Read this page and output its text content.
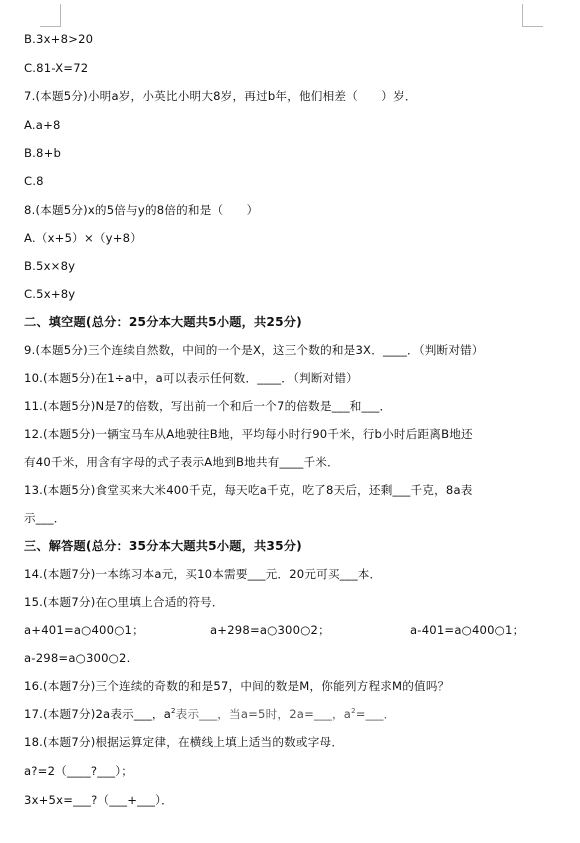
B.3x+8>20
C.81-X=72
7.(本题5分)小明a岁，小英比小明大8岁，再过b年，他们相差（      ）岁．
A.a+8
B.8+b
C.8
8.(本题5分)x的5倍与y的8倍的和是（      ）
A.（x+5）×（y+8）
B.5x×8y
C.5x+8y
二、填空题(总分：25分本大题共5小题，共25分)
9.(本题5分)三个连续自然数，中间的一个是X，这三个数的和是3X．____．（判断对错）
10.(本题5分)在1÷a中，a可以表示任何数．____．（判断对错）
11.(本题5分)N是7的倍数，写出前一个和后一个7的倍数是___和___．
12.(本题5分)一辆宝马车从A地驶往B地，平均每小时行90千米，行b小时后距离B地还
有40千米，用含有字母的式子表示A地到B地共有____千米．
13.(本题5分)食堂买来大米400千克，每天吃a千克，吃了8天后，还剩___千克，8a表
示___．
三、解答题(总分：35分本大题共5小题，共35分)
14.(本题7分)一本练习本a元，买10本需要___元．20元可买___本．
15.(本题7分)在○里填上合适的符号．
a+401=a○400○1；	a+298=a○300○2；	a-401=a○400○1；
a-298=a○300○2.
16.(本题7分)三个连续的奇数的和是57，中间的数是M，你能列方程求M的值吗？
17.(本题7分)2a表示___，$a^2$表示___，当a=5时，2a=___，$a^2=\_\_\_$．
18.(本题7分)根据运算定律，在横线上填上适当的数或字母．
a?=2（____?___）；
3x+5x=___?（___+___）．
